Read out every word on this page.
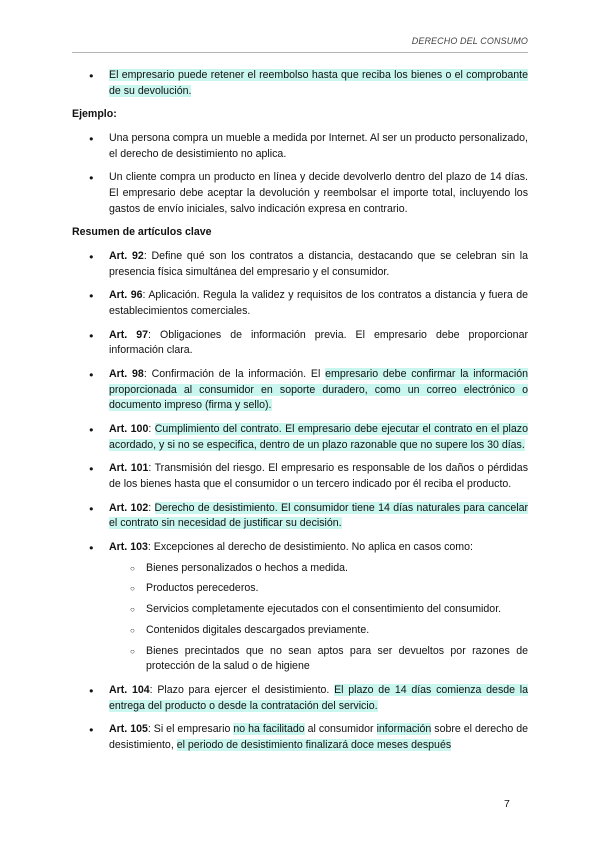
DERECHO DEL CONSUMO
● El empresario puede retener el reembolso hasta que reciba los bienes o el comprobante de su devolución.
Ejemplo:
● Una persona compra un mueble a medida por Internet. Al ser un producto personalizado, el derecho de desistimiento no aplica.
● Un cliente compra un producto en línea y decide devolverlo dentro del plazo de 14 días. El empresario debe aceptar la devolución y reembolsar el importe total, incluyendo los gastos de envío iniciales, salvo indicación expresa en contrario.
Resumen de artículos clave
● Art. 92: Define qué son los contratos a distancia, destacando que se celebran sin la presencia física simultánea del empresario y el consumidor.
● Art. 96: Aplicación. Regula la validez y requisitos de los contratos a distancia y fuera de establecimientos comerciales.
● Art. 97: Obligaciones de información previa. El empresario debe proporcionar información clara.
● Art. 98: Confirmación de la información. El empresario debe confirmar la información proporcionada al consumidor en soporte duradero, como un correo electrónico o documento impreso (firma y sello).
● Art. 100: Cumplimiento del contrato. El empresario debe ejecutar el contrato en el plazo acordado, y si no se especifica, dentro de un plazo razonable que no supere los 30 días.
● Art. 101: Transmisión del riesgo. El empresario es responsable de los daños o pérdidas de los bienes hasta que el consumidor o un tercero indicado por él reciba el producto.
● Art. 102: Derecho de desistimiento. El consumidor tiene 14 días naturales para cancelar el contrato sin necesidad de justificar su decisión.
● Art. 103: Excepciones al derecho de desistimiento. No aplica en casos como:
○ Bienes personalizados o hechos a medida.
○ Productos perecederos.
○ Servicios completamente ejecutados con el consentimiento del consumidor.
○ Contenidos digitales descargados previamente.
○ Bienes precintados que no sean aptos para ser devueltos por razones de protección de la salud o de higiene
● Art. 104: Plazo para ejercer el desistimiento. El plazo de 14 días comienza desde la entrega del producto o desde la contratación del servicio.
● Art. 105: Si el empresario no ha facilitado al consumidor información sobre el derecho de desistimiento, el periodo de desistimiento finalizará doce meses después
7
